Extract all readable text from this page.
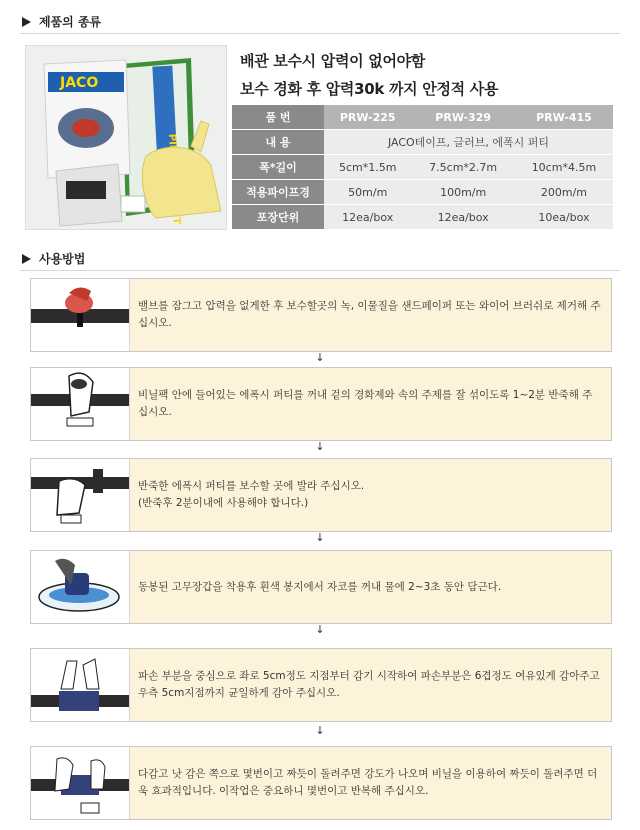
제품의 종류
JACO
배관 보수시 압력이 없어야함
보수 경화 후 압력30k 까지 안정적 사용
품 번	PRW-225	PRW-329	PRW-415
내 용	JACO테이프, 글러브, 에폭시 퍼티		
폭*길이	5cm*1.5m	7.5cm*2.7m	10cm*4.5m
적용파이프경	50m/m	100m/m	200m/m
포장단위	12ea/box	12ea/box	10ea/box
사용방법
밸브를 잠그고 압력을 없게한 후 보수할곳의 녹, 이물질을 샌드페이퍼 또는 와이어 브러쉬로 제거해 주십시오.
↓
비닐팩 안에 들어있는 에폭시 퍼티를 꺼내 겉의 경화제와 속의 주제를 잘 섞이도록 1~2분 반죽해 주십시오.
↓
반죽한 에폭시 퍼티를 보수할 곳에 발라 주십시오.
(반죽후 2분이내에 사용해야 합니다.)
↓
동봉된 고무장갑을 착용후 흰색 봉지에서 자코를 꺼내 물에 2~3초 동안 담근다.
↓
파손 부분을 중심으로 좌로 5cm정도 지점부터 감기 시작하여 파손부분은 6겹정도 여유있게 감아주고 우측 5cm지점까지 균일하게 감아 주십시오.
↓
다감고 낫 감은 쪽으로 몇번이고 짜듯이 돌려주면 강도가 나오며 비닐을 이용하여 짜듯이 돌려주면 더욱 효과적입니다. 이작업은 중요하니 몇번이고 반복해 주십시오.
